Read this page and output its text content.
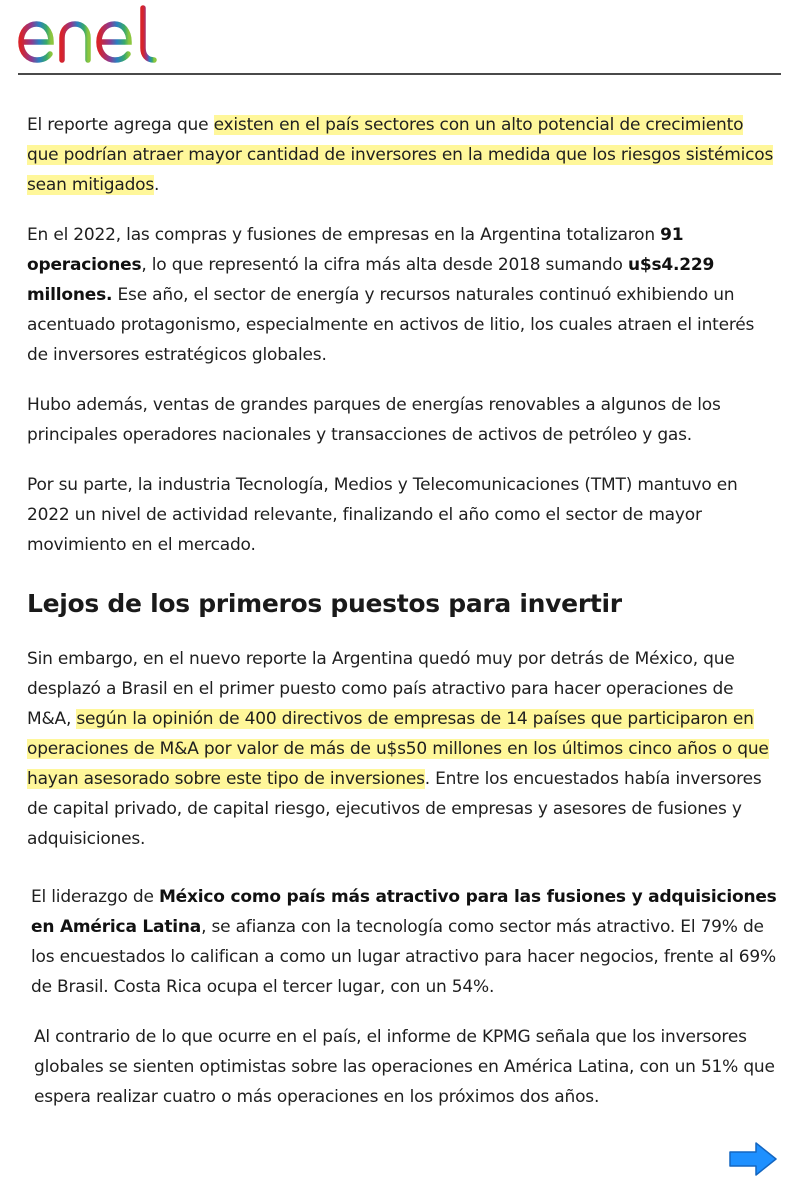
El reporte agrega que existen en el país sectores con un alto potencial de crecimiento que podrían atraer mayor cantidad de inversores en la medida que los riesgos sistémicos sean mitigados.

En el 2022, las compras y fusiones de empresas en la Argentina totalizaron 91 operaciones, lo que representó la cifra más alta desde 2018 sumando u$s4.229 millones. Ese año, el sector de energía y recursos naturales continuó exhibiendo un acentuado protagonismo, especialmente en activos de litio, los cuales atraen el interés de inversores estratégicos globales.

Hubo además, ventas de grandes parques de energías renovables a algunos de los principales operadores nacionales y transacciones de activos de petróleo y gas.

Por su parte, la industria Tecnología, Medios y Telecomunicaciones (TMT) mantuvo en 2022 un nivel de actividad relevante, finalizando el año como el sector de mayor movimiento en el mercado.

Lejos de los primeros puestos para invertir

Sin embargo, en el nuevo reporte la Argentina quedó muy por detrás de México, que desplazó a Brasil en el primer puesto como país atractivo para hacer operaciones de M&A, según la opinión de 400 directivos de empresas de 14 países que participaron en operaciones de M&A por valor de más de u$s50 millones en los últimos cinco años o que hayan asesorado sobre este tipo de inversiones. Entre los encuestados había inversores de capital privado, de capital riesgo, ejecutivos de empresas y asesores de fusiones y adquisiciones.

El liderazgo de México como país más atractivo para las fusiones y adquisiciones en América Latina, se afianza con la tecnología como sector más atractivo. El 79% de los encuestados lo califican a como un lugar atractivo para hacer negocios, frente al 69% de Brasil. Costa Rica ocupa el tercer lugar, con un 54%.

Al contrario de lo que ocurre en el país, el informe de KPMG señala que los inversores globales se sienten optimistas sobre las operaciones en América Latina, con un 51% que espera realizar cuatro o más operaciones en los próximos dos años.
